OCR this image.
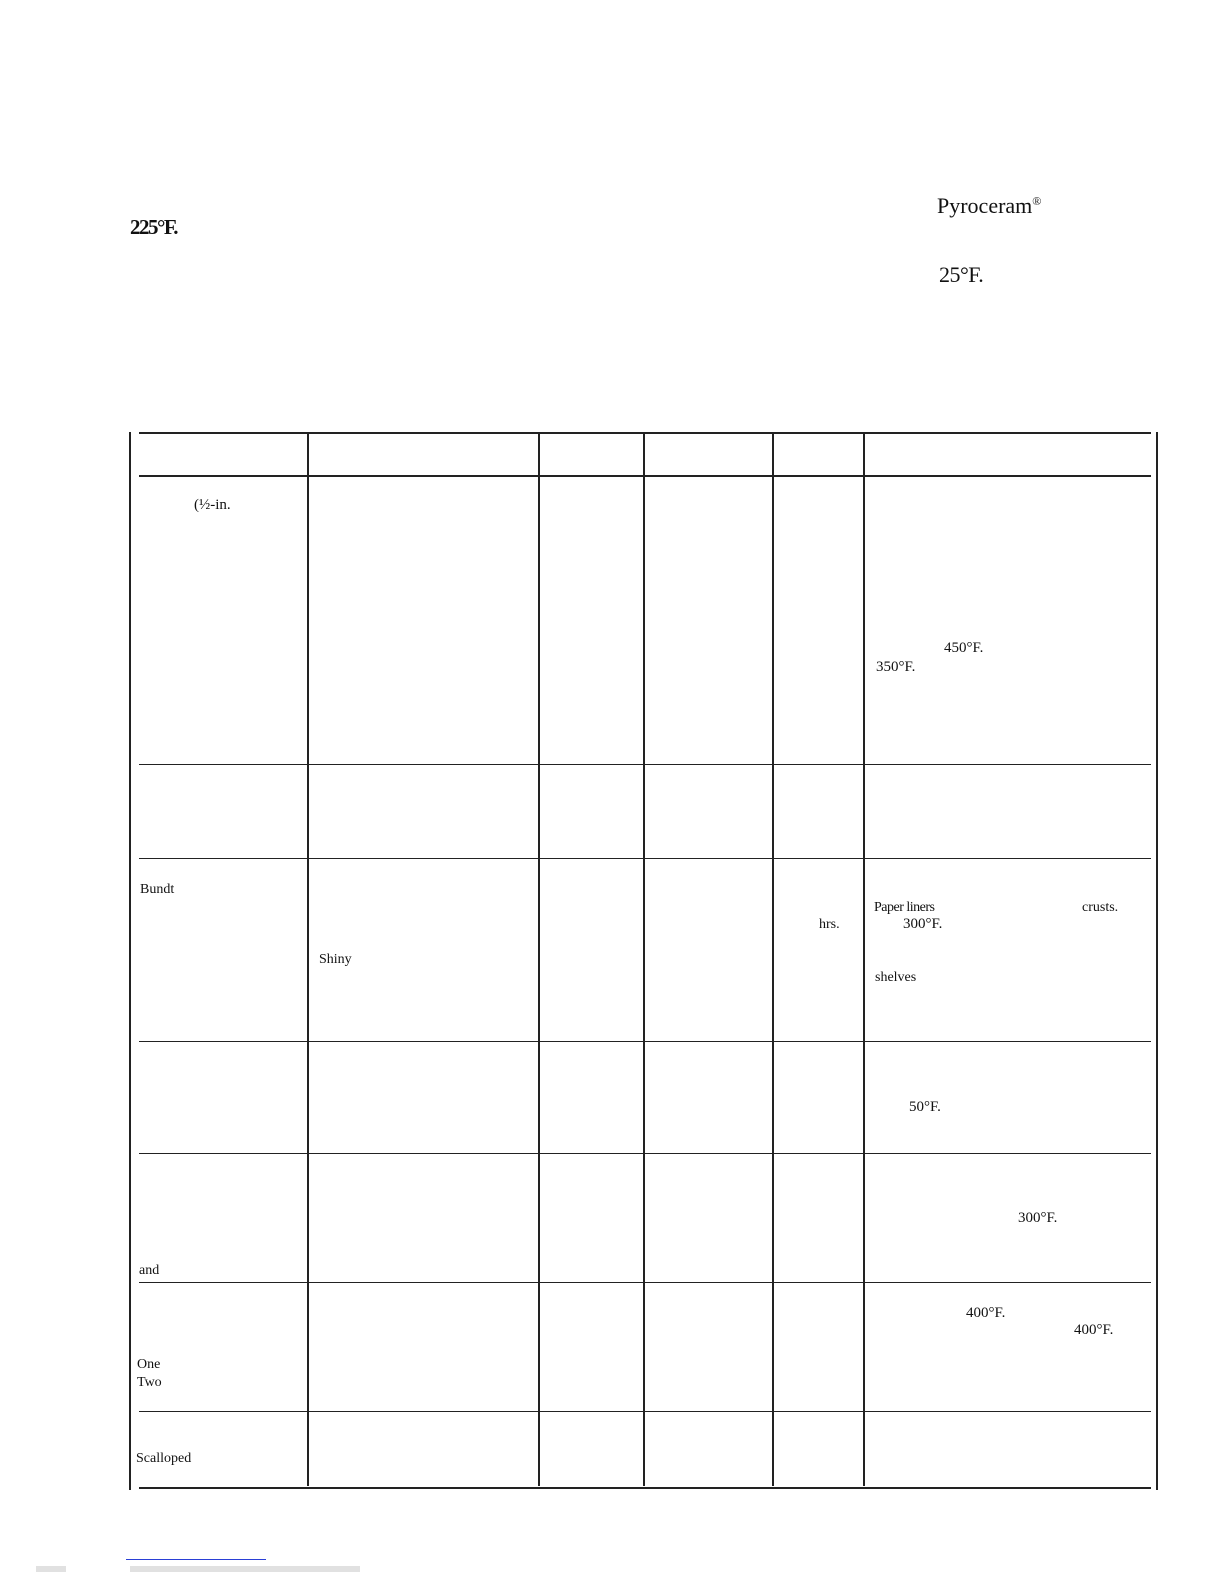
225°F.
Pyroceram®
25°F.
(½-in.
450°F.
350°F.
Bundt
Shiny
hrs.
Paper liners	crusts.
300°F.
shelves
50°F.
and
300°F.
One
Two
400°F.
400°F.
Scalloped
